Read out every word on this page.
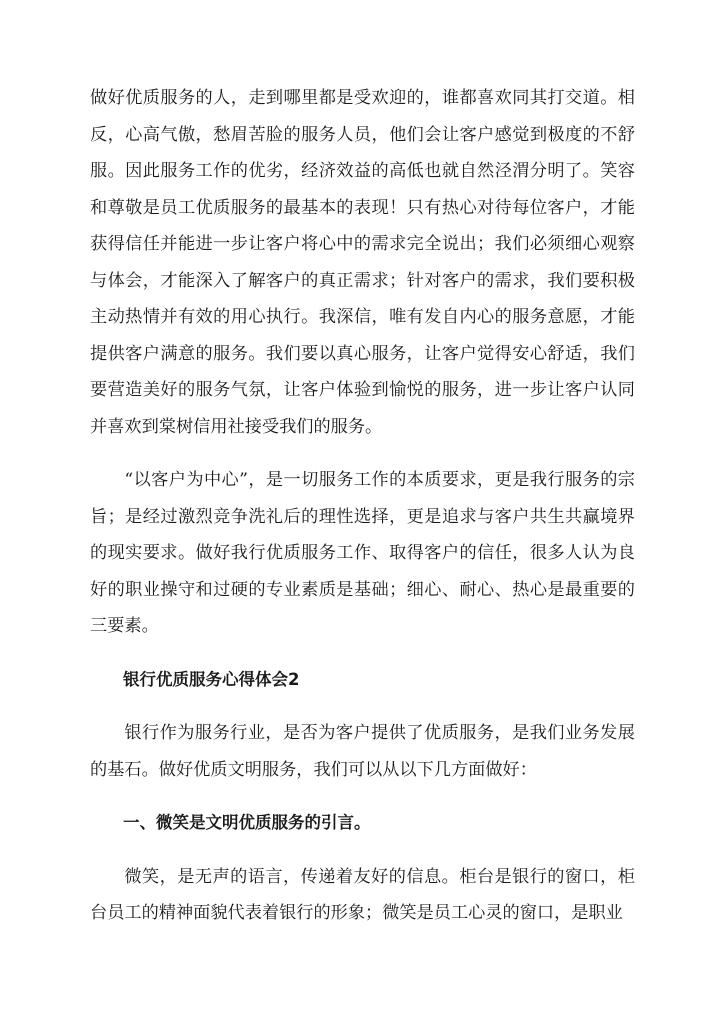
做好优质服务的人，走到哪里都是受欢迎的，谁都喜欢同其打交道。相反，心高气傲，愁眉苦脸的服务人员，他们会让客户感觉到极度的不舒服。因此服务工作的优劣，经济效益的高低也就自然泾渭分明了。笑容和尊敬是员工优质服务的最基本的表现！只有热心对待每位客户，才能获得信任并能进一步让客户将心中的需求完全说出；我们必须细心观察与体会，才能深入了解客户的真正需求；针对客户的需求，我们要积极主动热情并有效的用心执行。我深信，唯有发自内心的服务意愿，才能提供客户满意的服务。我们要以真心服务，让客户觉得安心舒适，我们要营造美好的服务气氛，让客户体验到愉悦的服务，进一步让客户认同并喜欢到棠树信用社接受我们的服务。

“以客户为中心”，是一切服务工作的本质要求，更是我行服务的宗旨；是经过激烈竞争洗礼后的理性选择，更是追求与客户共生共赢境界的现实要求。做好我行优质服务工作、取得客户的信任，很多人认为良好的职业操守和过硬的专业素质是基础；细心、耐心、热心是最重要的三要素。

银行优质服务心得体会2

银行作为服务行业，是否为客户提供了优质服务，是我们业务发展的基石。做好优质文明服务，我们可以从以下几方面做好：

一、微笑是文明优质服务的引言。

微笑，是无声的语言，传递着友好的信息。柜台是银行的窗口，柜台员工的精神面貌代表着银行的形象；微笑是员工心灵的窗口，是职业
